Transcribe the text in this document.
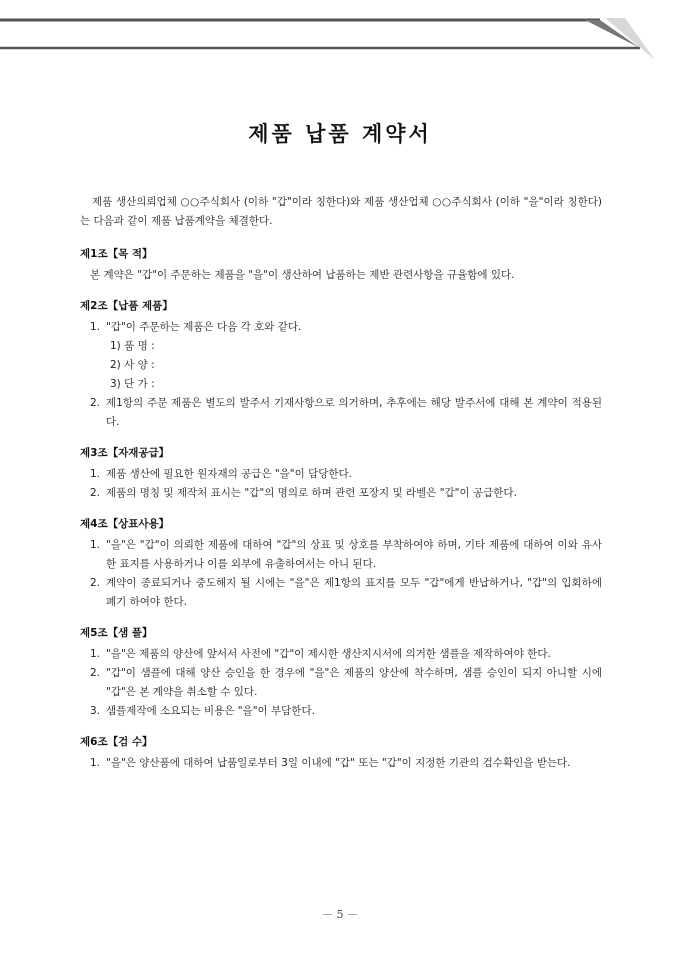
제품 납품 계약서

제품 생산의뢰업체 ○○주식회사 (이하 "갑"이라 칭한다)와 제품 생산업체 ○○주식회사 (이하 "을"이라 칭한다)는 다음과 같이 제품 납품계약을 체결한다.

제1조【목 적】
본 계약은 "갑"이 주문하는 제품을 "을"이 생산하여 납품하는 제반 관련사항을 규율함에 있다.
제2조【납품 제품】
1. "갑"이 주문하는 제품은 다음 각 호와 같다.
1) 품 명 :
2) 사 양 :
3) 단 가 :
2. 제1항의 주문 제품은 별도의 발주서 기재사항으로 의거하며, 추후에는 해당 발주서에 대해 본 계약이 적용된다.
제3조【자재공급】
1. 제품 생산에 필요한 원자재의 공급은 "을"이 담당한다.
2. 제품의 명칭 및 제작처 표시는 "갑"의 명의로 하며 관련 포장지 및 라벨은 "갑"이 공급한다.
제4조【상표사용】
1. "을"은 "갑"이 의뢰한 제품에 대하여 "갑"의 상표 및 상호를 부착하여야 하며, 기타 제품에 대하여 이와 유사한 표지를 사용하거나 이를 외부에 유출하여서는 아니 된다.
2. 계약이 종료되거나 중도해지 될 시에는 "을"은 제1항의 표지를 모두 "갑"에게 반납하거나, "갑"의 입회하에 폐기 하여야 한다.
제5조【샘 플】
1. "을"은 제품의 양산에 앞서서 사전에 "갑"이 제시한 생산지시서에 의거한 샘플을 제작하여야 한다.
2. "갑"이 샘플에 대해 양산 승인을 한 경우에 "을"은 제품의 양산에 착수하며, 샘플 승인이 되지 아니할 시에 "갑"은 본 계약을 취소할 수 있다.
3. 샘플제작에 소요되는 비용은 "을"이 부담한다.
제6조【검 수】
1. "을"은 양산품에 대하여 납품일로부터 3일 이내에 "갑" 또는 "갑"이 지정한 기관의 검수확인을 받는다.
－ 5 －
